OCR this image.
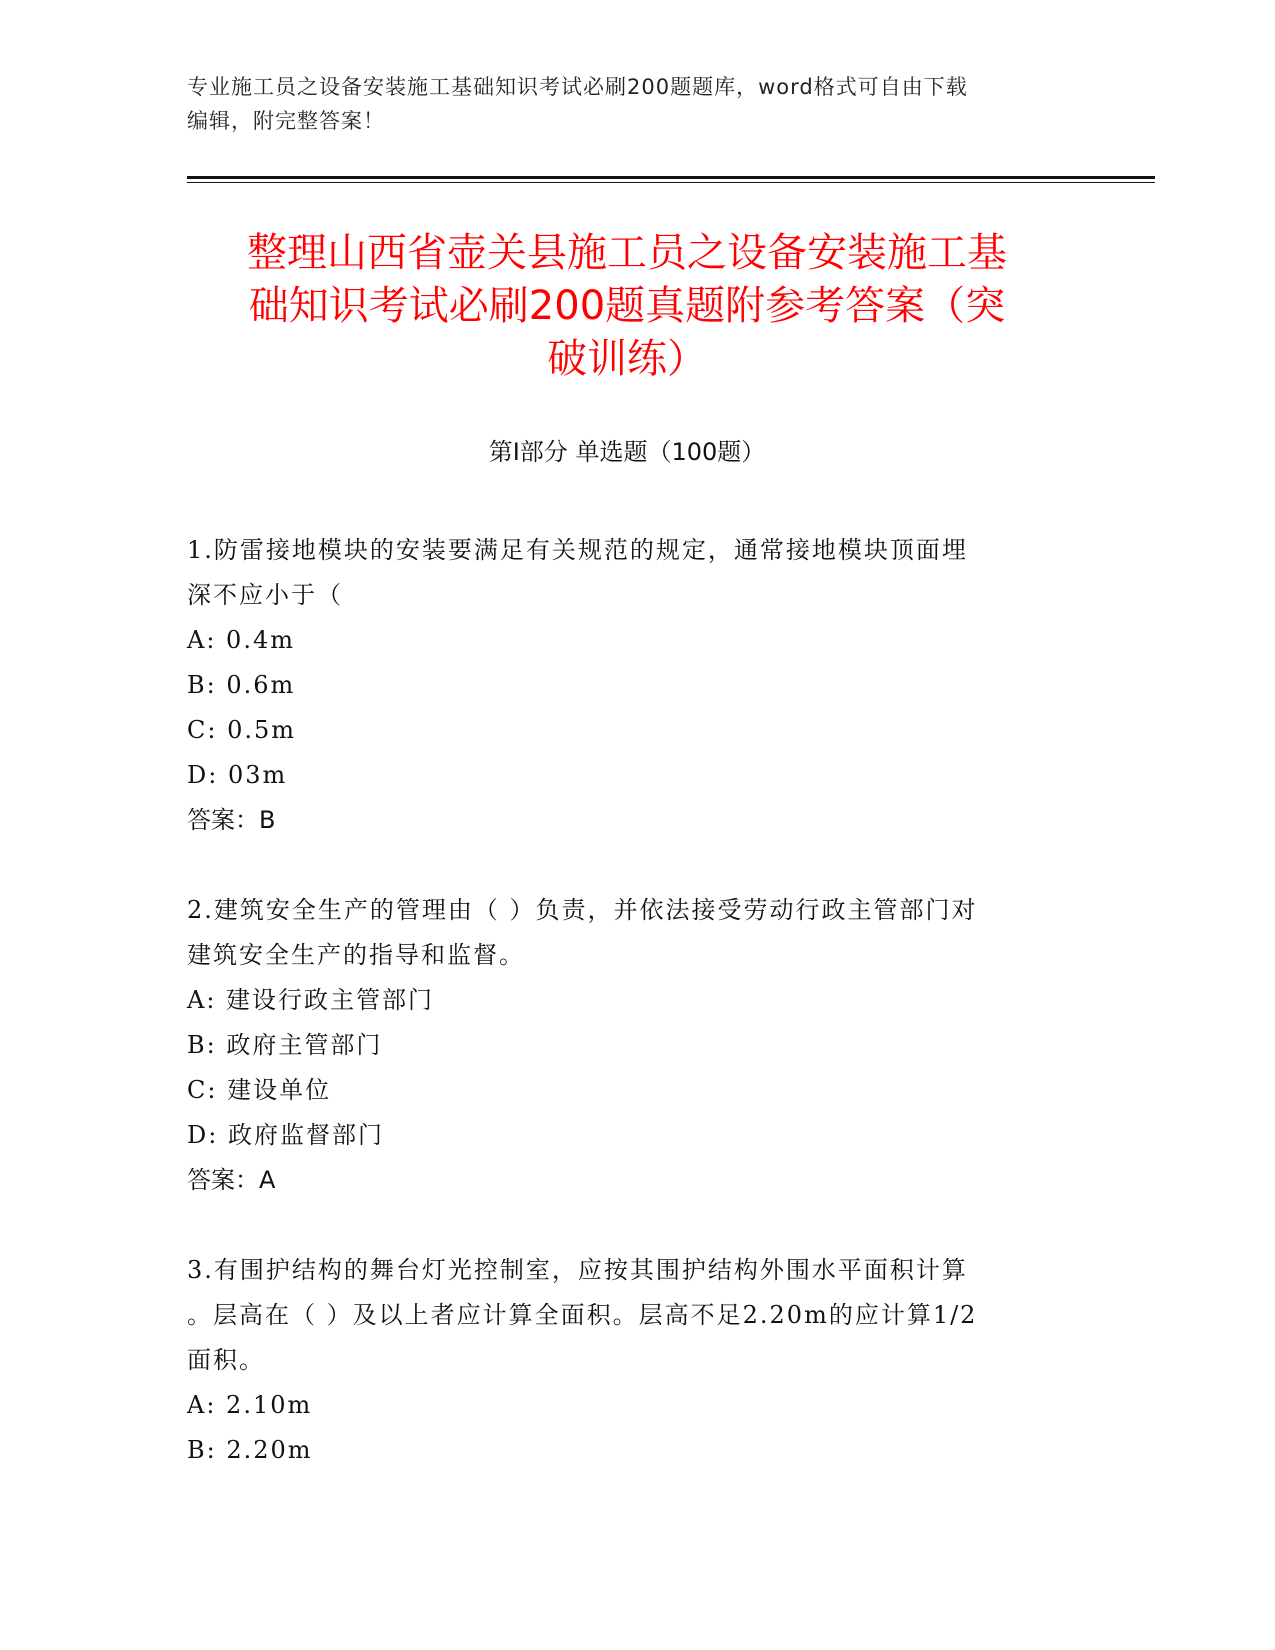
专业施工员之设备安装施工基础知识考试必刷200题题库，word格式可自由下载
编辑，附完整答案！
整理山西省壶关县施工员之设备安装施工基
础知识考试必刷200题真题附参考答案（突
破训练）
第Ⅰ部分 单选题（100题）
1.防雷接地模块的安装要满足有关规范的规定，通常接地模块顶面埋
深不应小于（
A: 0.4m
B: 0.6m
C: 0.5m
D: 03m
答案：B
2.建筑安全生产的管理由（ ）负责，并依法接受劳动行政主管部门对
建筑安全生产的指导和监督。
A: 建设行政主管部门
B: 政府主管部门
C: 建设单位
D: 政府监督部门
答案：A
3.有围护结构的舞台灯光控制室，应按其围护结构外围水平面积计算
。层高在（ ）及以上者应计算全面积。层高不足2.20m的应计算1/2
面积。
A: 2.10m
B: 2.20m
